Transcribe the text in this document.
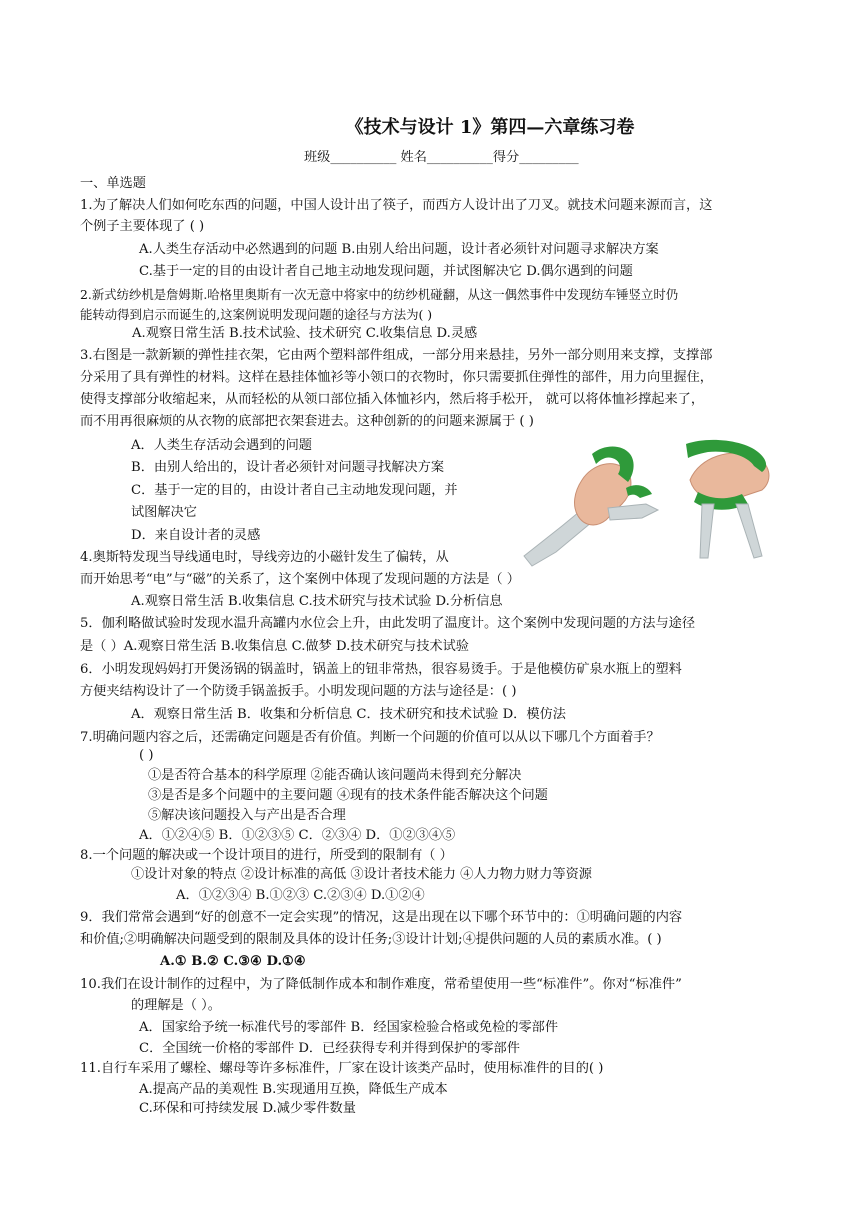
《技术与设计 1》第四—六章练习卷
班级__________ 姓名__________得分_________
一、单选题
1.为了解决人们如何吃东西的问题，中国人设计出了筷子，而西方人设计出了刀叉。就技术问题来源而言，这
个例子主要体现了 ( )
A.人类生存活动中必然遇到的问题 B.由别人给出问题，设计者必须针对问题寻求解决方案
C.基于一定的目的由设计者自己地主动地发现问题，并试图解决它 D.偶尔遇到的问题
2.新式纺纱机是詹姆斯.哈格里奥斯有一次无意中将家中的纺纱机碰翻，从这一偶然事件中发现纺车锤竖立时仍
能转动得到启示而诞生的,这案例说明发现问题的途径与方法为( )
A.观察日常生活 B.技术试验、技术研究 C.收集信息 D.灵感
3.右图是一款新颖的弹性挂衣架，它由两个塑料部件组成，一部分用来悬挂，另外一部分则用来支撑，支撑部
分采用了具有弹性的材料。这样在悬挂体恤衫等小领口的衣物时，你只需要抓住弹性的部件，用力向里握住，
使得支撑部分收缩起来，从而轻松的从领口部位插入体恤衫内，然后将手松开， 就可以将体恤衫撑起来了，
而不用再很麻烦的从衣物的底部把衣架套进去。这种创新的的问题来源属于 ( )
A．人类生存活动会遇到的问题
B．由别人给出的，设计者必须针对问题寻找解决方案
C．基于一定的目的，由设计者自己主动地发现问题，并
试图解决它
D．来自设计者的灵感
4.奥斯特发现当导线通电时，导线旁边的小磁针发生了偏转，从
而开始思考“电”与“磁”的关系了，这个案例中体现了发现问题的方法是（ ）
A.观察日常生活 B.收集信息 C.技术研究与技术试验 D.分析信息
5．伽利略做试验时发现水温升高罐内水位会上升，由此发明了温度计。这个案例中发现问题的方法与途径
是（ ）A.观察日常生活 B.收集信息 C.做梦 D.技术研究与技术试验
6．小明发现妈妈打开煲汤锅的锅盖时，锅盖上的钮非常热，很容易烫手。于是他模仿矿泉水瓶上的塑料
方便夹结构设计了一个防烫手锅盖扳手。小明发现问题的方法与途径是：( )
A．观察日常生活 B．收集和分析信息 C．技术研究和技术试验 D．模仿法
7.明确问题内容之后，还需确定问题是否有价值。判断一个问题的价值可以从以下哪几个方面着手？
( )
①是否符合基本的科学原理 ②能否确认该问题尚未得到充分解决
③是否是多个问题中的主要问题 ④现有的技术条件能否解决这个问题
⑤解决该问题投入与产出是否合理
A．①②④⑤ B．①②③⑤ C．②③④ D．①②③④⑤
8.一个问题的解决或一个设计项目的进行，所受到的限制有（ ）
①设计对象的特点 ②设计标准的高低 ③设计者技术能力 ④人力物力财力等资源
A．①②③④ B.①②③ C.②③④ D.①②④
9．我们常常会遇到“好的创意不一定会实现”的情况，这是出现在以下哪个环节中的：①明确问题的内容
和价值;②明确解决问题受到的限制及具体的设计任务;③设计计划;④提供问题的人员的素质水准。( )
A.① B.② C.③④ D.①④
10.我们在设计制作的过程中，为了降低制作成本和制作难度，常希望使用一些“标准件”。你对“标准件”
的理解是（ ）。
A．国家给予统一标准代号的零部件 B．经国家检验合格或免检的零部件
C．全国统一价格的零部件 D．已经获得专利并得到保护的零部件
11.自行车采用了螺栓、螺母等许多标准件，厂家在设计该类产品时，使用标准件的目的( )
A.提高产品的美观性 B.实现通用互换，降低生产成本
C.环保和可持续发展 D.减少零件数量
